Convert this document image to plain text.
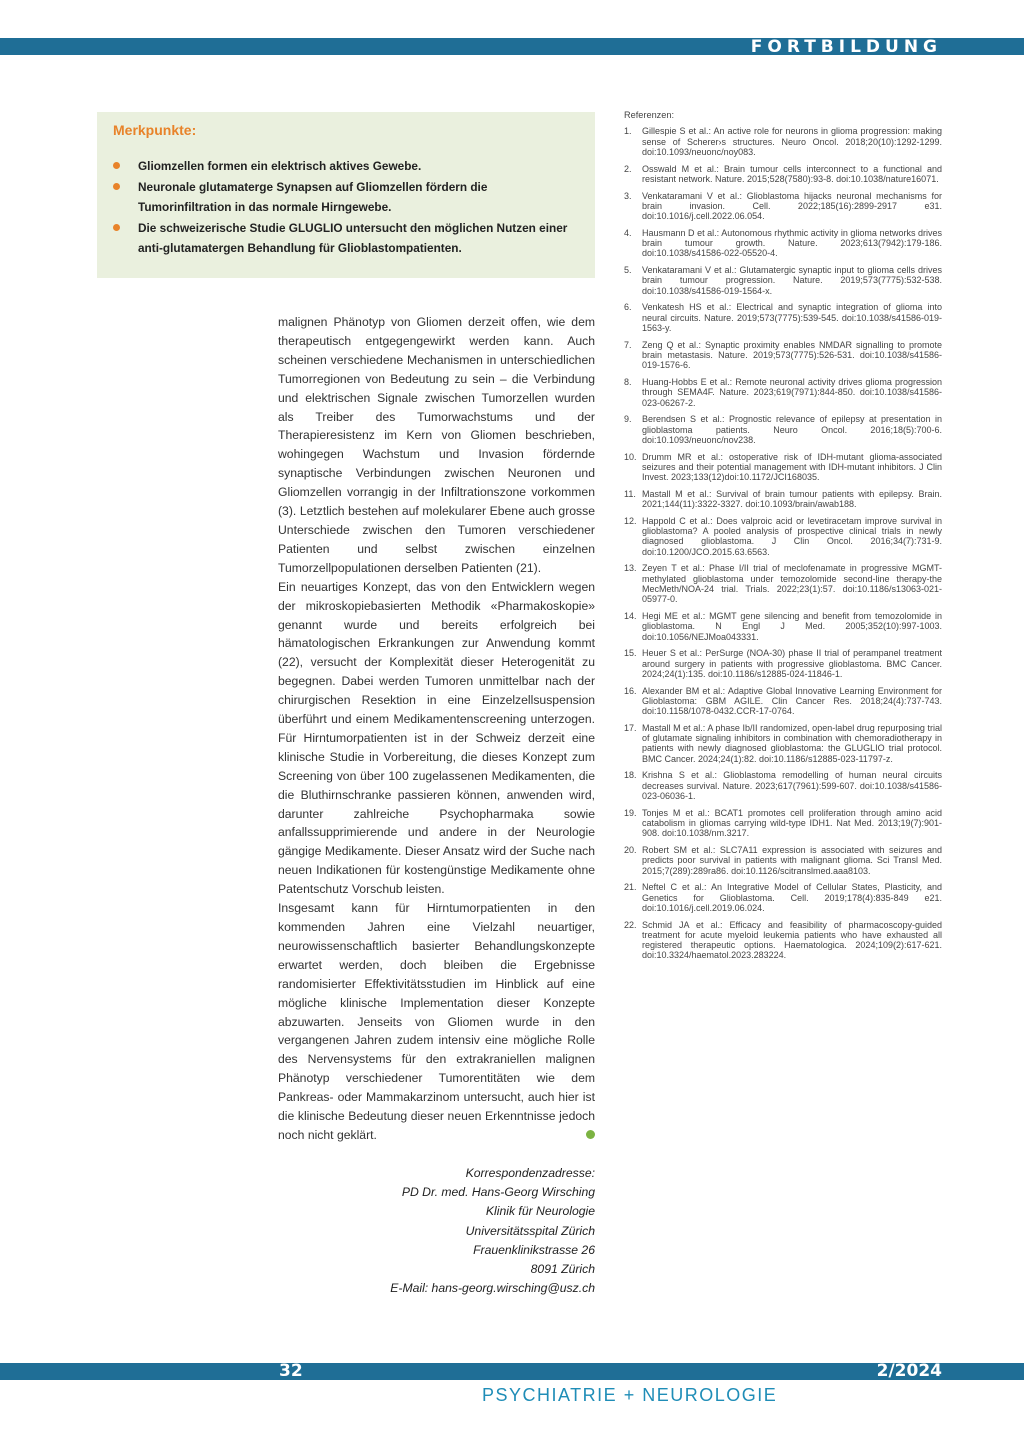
FORTBILDUNG
Merkpunkte:
Gliomzellen formen ein elektrisch aktives Gewebe.
Neuronale glutamaterge Synapsen auf Gliomzellen fördern die Tumorinfiltration in das normale Hirngewebe.
Die schweizerische Studie GLUGLIO untersucht den möglichen Nutzen einer anti-glutamatergen Behandlung für Glioblastompatienten.

malignen Phänotyp von Gliomen derzeit offen, wie dem therapeutisch entgegengewirkt werden kann. Auch scheinen verschiedene Mechanismen in unterschiedlichen Tumorregionen von Bedeutung zu sein – die Verbindung und elektrischen Signale zwischen Tumorzellen wurden als Treiber des Tumorwachstums und der Therapieresistenz im Kern von Gliomen beschrieben, wohingegen Wachstum und Invasion fördernde synaptische Verbindungen zwischen Neuronen und Gliomzellen vorrangig in der Infiltrationszone vorkommen (3). Letztlich bestehen auf molekularer Ebene auch grosse Unterschiede zwischen den Tumoren verschiedener Patienten und selbst zwischen einzelnen Tumorzellpopulationen derselben Patienten (21).

Ein neuartiges Konzept, das von den Entwicklern wegen der mikroskopiebasierten Methodik «Pharmakoskopie» genannt wurde und bereits erfolgreich bei hämatologischen Erkrankungen zur Anwendung kommt (22), versucht der Komplexität dieser Heterogenität zu begegnen. Dabei werden Tumoren unmittelbar nach der chirurgischen Resektion in eine Einzelzellsuspension überführt und einem Medikamentenscreening unterzogen. Für Hirntumorpatienten ist in der Schweiz derzeit eine klinische Studie in Vorbereitung, die dieses Konzept zum Screening von über 100 zugelassenen Medikamenten, die die Bluthirnschranke passieren können, anwenden wird, darunter zahlreiche Psychopharmaka sowie anfallssupprimierende und andere in der Neurologie gängige Medikamente. Dieser Ansatz wird der Suche nach neuen Indikationen für kostengünstige Medikamente ohne Patentschutz Vorschub leisten.

Insgesamt kann für Hirntumorpatienten in den kommenden Jahren eine Vielzahl neuartiger, neurowissenschaftlich basierter Behandlungskonzepte erwartet werden, doch bleiben die Ergebnisse randomisierter Effektivitätsstudien im Hinblick auf eine mögliche klinische Implementation dieser Konzepte abzuwarten. Jenseits von Gliomen wurde in den vergangenen Jahren zudem intensiv eine mögliche Rolle des Nervensystems für den extrakraniellen malignen Phänotyp verschiedener Tumorentitäten wie dem Pankreas- oder Mammakarzinom untersucht, auch hier ist die klinische Bedeutung dieser neuen Erkenntnisse jedoch noch nicht geklärt.

Korrespondenzadresse:
PD Dr. med. Hans-Georg Wirsching
Klinik für Neurologie
Universitätsspital Zürich
Frauenklinikstrasse 26
8091 Zürich
E-Mail: hans-georg.wirsching@usz.ch
Referenzen:
1.	Gillespie S et al.: An active role for neurons in glioma progression: making sense of Scherer›s structures. Neuro Oncol. 2018;20(10):1292-1299. doi:10.1093/neuonc/noy083.
2.	Osswald M et al.: Brain tumour cells interconnect to a functional and resistant network. Nature. 2015;528(7580):93-8. doi:10.1038/nature16071.
3.	Venkataramani V et al.: Glioblastoma hijacks neuronal mechanisms for brain invasion. Cell. 2022;185(16):2899-2917 e31. doi:10.1016/j.cell.2022.06.054.
4.	Hausmann D et al.: Autonomous rhythmic activity in glioma networks drives brain tumour growth. Nature. 2023;613(7942):179-186. doi:10.1038/s41586-022-05520-4.
5.	Venkataramani V et al.: Glutamatergic synaptic input to glioma cells drives brain tumour progression. Nature. 2019;573(7775):532-538. doi:10.1038/s41586-019-1564-x.
6.	Venkatesh HS et al.: Electrical and synaptic integration of glioma into neural circuits. Nature. 2019;573(7775):539-545. doi:10.1038/s41586-019-1563-y.
7.	Zeng Q et al.: Synaptic proximity enables NMDAR signalling to promote brain metastasis. Nature. 2019;573(7775):526-531. doi:10.1038/s41586-019-1576-6.
8.	Huang-Hobbs E et al.: Remote neuronal activity drives glioma progression through SEMA4F. Nature. 2023;619(7971):844-850. doi:10.1038/s41586-023-06267-2.
9.	Berendsen S et al.: Prognostic relevance of epilepsy at presentation in glioblastoma patients. Neuro Oncol. 2016;18(5):700-6. doi:10.1093/neuonc/nov238.
10. Drumm MR et al.: ostoperative risk of IDH-mutant glioma-associated seizures and their potential management with IDH-mutant inhibitors. J Clin Invest. 2023;133(12)doi:10.1172/JCI168035.
11. Mastall M et al.: Survival of brain tumour patients with epilepsy. Brain. 2021;144(11):3322-3327. doi:10.1093/brain/awab188.
12. Happold C et al.: Does valproic acid or levetiracetam improve survival in glioblastoma? A pooled analysis of prospective clinical trials in newly diagnosed glioblastoma. J Clin Oncol. 2016;34(7):731-9. doi:10.1200/JCO.2015.63.6563.
13. Zeyen T et al.: Phase I/II trial of meclofenamate in progressive MGMT-methylated glioblastoma under temozolomide second-line therapy-the MecMeth/NOA-24 trial. Trials. 2022;23(1):57. doi:10.1186/s13063-021-05977-0.
14. Hegi ME et al.: MGMT gene silencing and benefit from temozolomide in glioblastoma. N Engl J Med. 2005;352(10):997-1003. doi:10.1056/NEJMoa043331.
15. Heuer S et al.: PerSurge (NOA-30) phase II trial of perampanel treatment around surgery in patients with progressive glioblastoma. BMC Cancer. 2024;24(1):135. doi:10.1186/s12885-024-11846-1.
16. Alexander BM et al.: Adaptive Global Innovative Learning Environment for Glioblastoma: GBM AGILE. Clin Cancer Res. 2018;24(4):737-743. doi:10.1158/1078-0432.CCR-17-0764.
17. Mastall M et al.: A phase Ib/II randomized, open-label drug repurposing trial of glutamate signaling inhibitors in combination with chemoradiotherapy in patients with newly diagnosed glioblastoma: the GLUGLIO trial protocol. BMC Cancer. 2024;24(1):82. doi:10.1186/s12885-023-11797-z.
18. Krishna S et al.: Glioblastoma remodelling of human neural circuits decreases survival. Nature. 2023;617(7961):599-607. doi:10.1038/s41586-023-06036-1.
19. Tonjes M et al.: BCAT1 promotes cell proliferation through amino acid catabolism in gliomas carrying wild-type IDH1. Nat Med. 2013;19(7):901-908. doi:10.1038/nm.3217.
20. Robert SM et al.: SLC7A11 expression is associated with seizures and predicts poor survival in patients with malignant glioma. Sci Transl Med. 2015;7(289):289ra86. doi:10.1126/scitranslmed.aaa8103.
21. Neftel C et al.: An Integrative Model of Cellular States, Plasticity, and Genetics for Glioblastoma. Cell. 2019;178(4):835-849 e21. doi:10.1016/j.cell.2019.06.024.
22. Schmid JA et al.: Efficacy and feasibility of pharmacoscopy-guided treatment for acute myeloid leukemia patients who have exhausted all registered therapeutic options. Haematologica. 2024;109(2):617-621. doi:10.3324/haematol.2023.283224.
32	2/2024
PSYCHIATRIE + NEUROLOGIE
